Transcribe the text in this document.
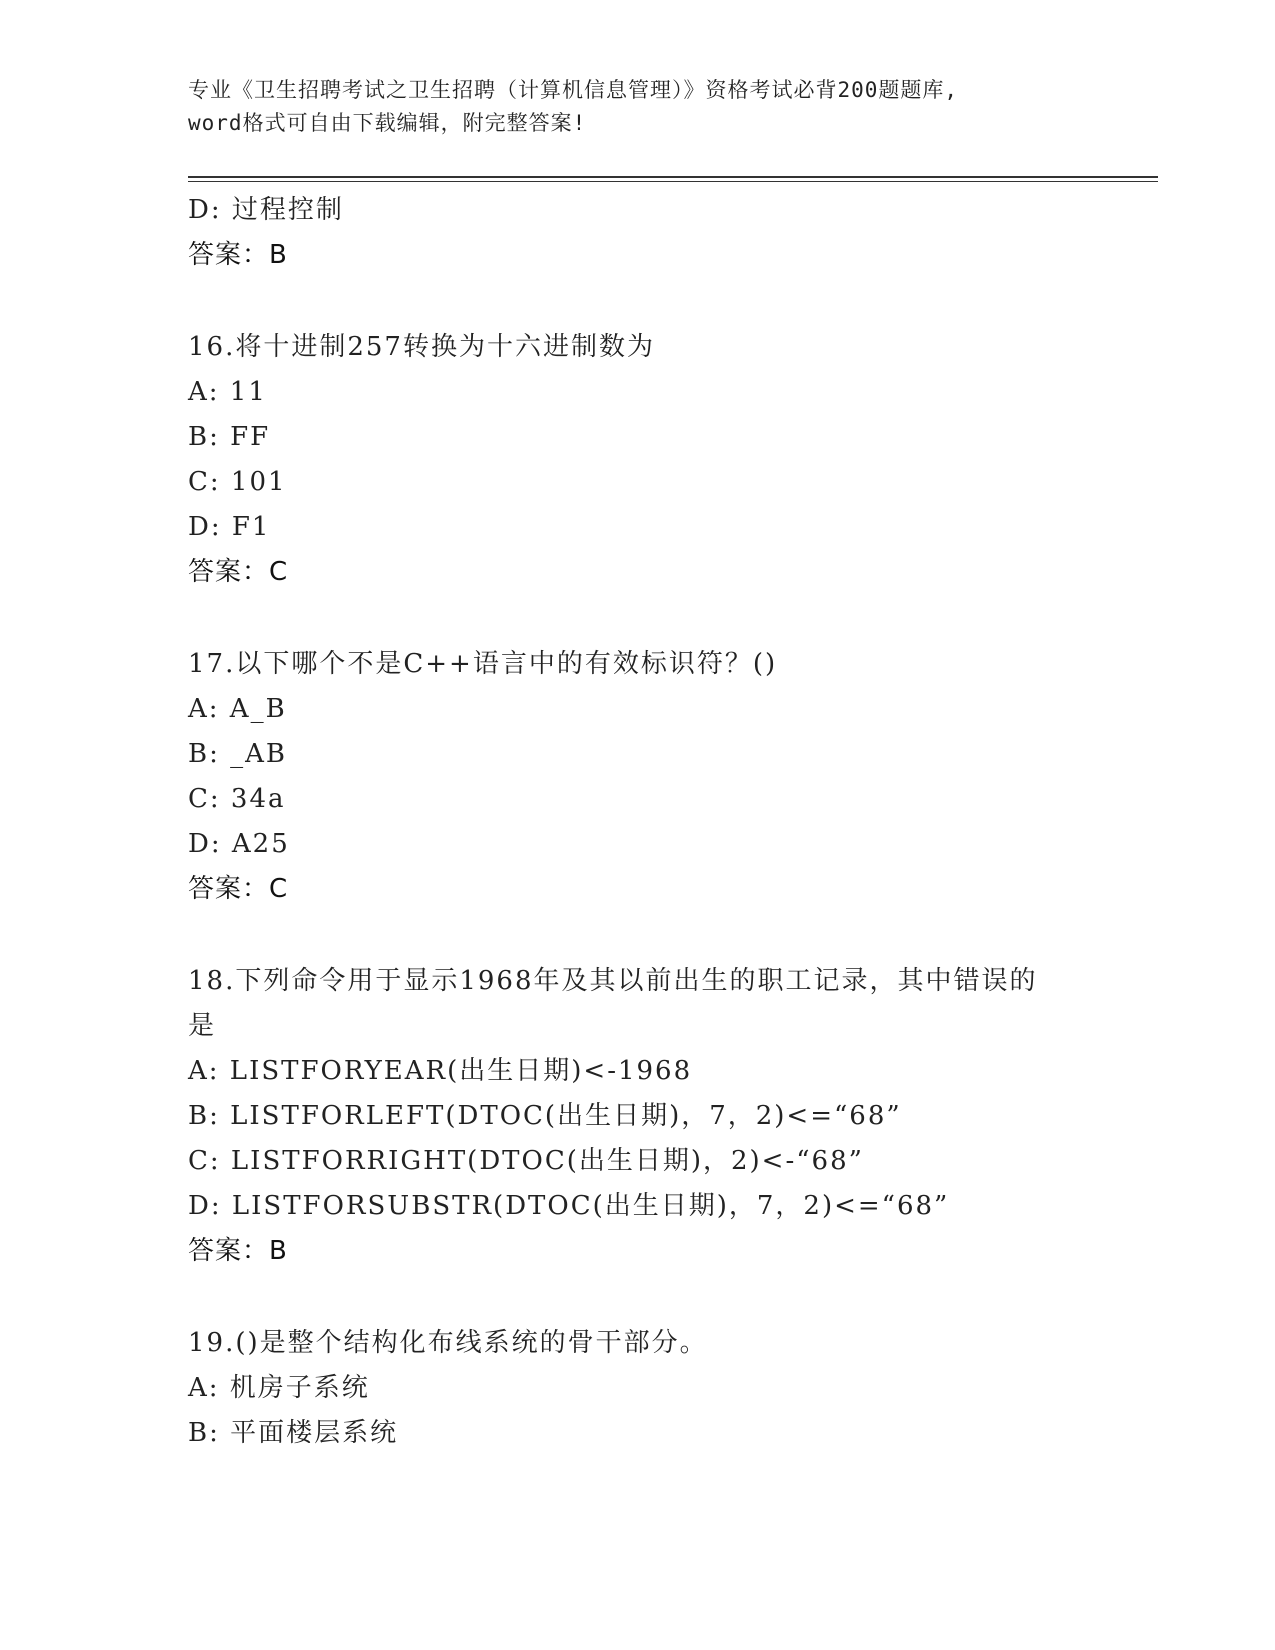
专业《卫生招聘考试之卫生招聘（计算机信息管理）》资格考试必背200题题库,
word格式可自由下载编辑，附完整答案!
D: 过程控制
答案：B
16.将十进制257转换为十六进制数为
A: 11
B: FF
C: 101
D: F1
答案：C
17.以下哪个不是C++语言中的有效标识符？()
A: A_B
B: _AB
C: 34a
D: A25
答案：C
18.下列命令用于显示1968年及其以前出生的职工记录，其中错误的
是
A: LISTFORYEAR(出生日期)<-1968
B: LISTFORLEFT(DTOC(出生日期)，7，2)<=“68”
C: LISTFORRIGHT(DTOC(出生日期)，2)<-“68”
D: LISTFORSUBSTR(DTOC(出生日期)，7，2)<=“68”
答案：B
19.()是整个结构化布线系统的骨干部分。
A: 机房子系统
B: 平面楼层系统
